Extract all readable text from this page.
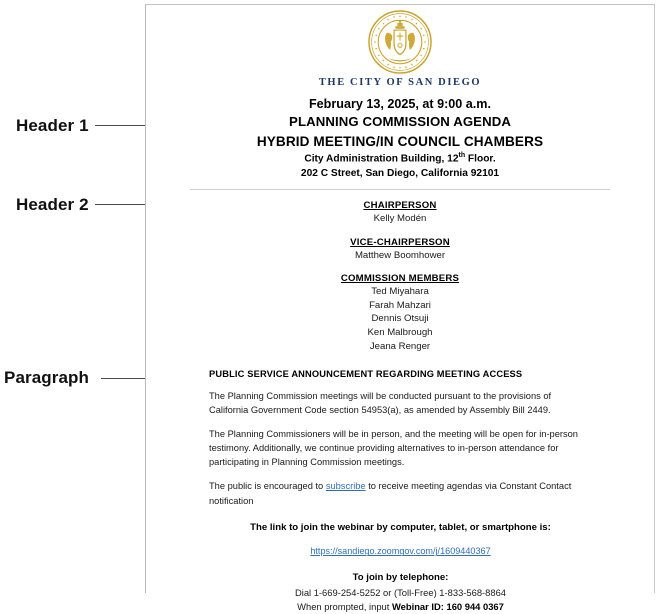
Header 1
Header 2
Paragraph
THE CITY OF SAN DIEGO
February 13, 2025, at 9:00 a.m.
PLANNING COMMISSION AGENDA
HYBRID MEETING/IN COUNCIL CHAMBERS
City Administration Building, 12th Floor.
202 C Street, San Diego, California 92101
CHAIRPERSON
Kelly Modén
VICE-CHAIRPERSON
Matthew Boomhower
COMMISSION MEMBERS
Ted Miyahara
Farah Mahzari
Dennis Otsuji
Ken Malbrough
Jeana Renger
PUBLIC SERVICE ANNOUNCEMENT REGARDING MEETING ACCESS

The Planning Commission meetings will be conducted pursuant to the provisions of California Government Code section 54953(a), as amended by Assembly Bill 2449.

The Planning Commissioners will be in person, and the meeting will be open for in-person testimony. Additionally, we continue providing alternatives to in-person attendance for participating in Planning Commission meetings.

The public is encouraged to subscribe to receive meeting agendas via Constant Contact notification

The link to join the webinar by computer, tablet, or smartphone is:
https://sandiego.zoomgov.com/j/1609440367
To join by telephone:
Dial 1-669-254-5252 or (Toll-Free) 1-833-568-8864
When prompted, input Webinar ID: 160 944 0367
